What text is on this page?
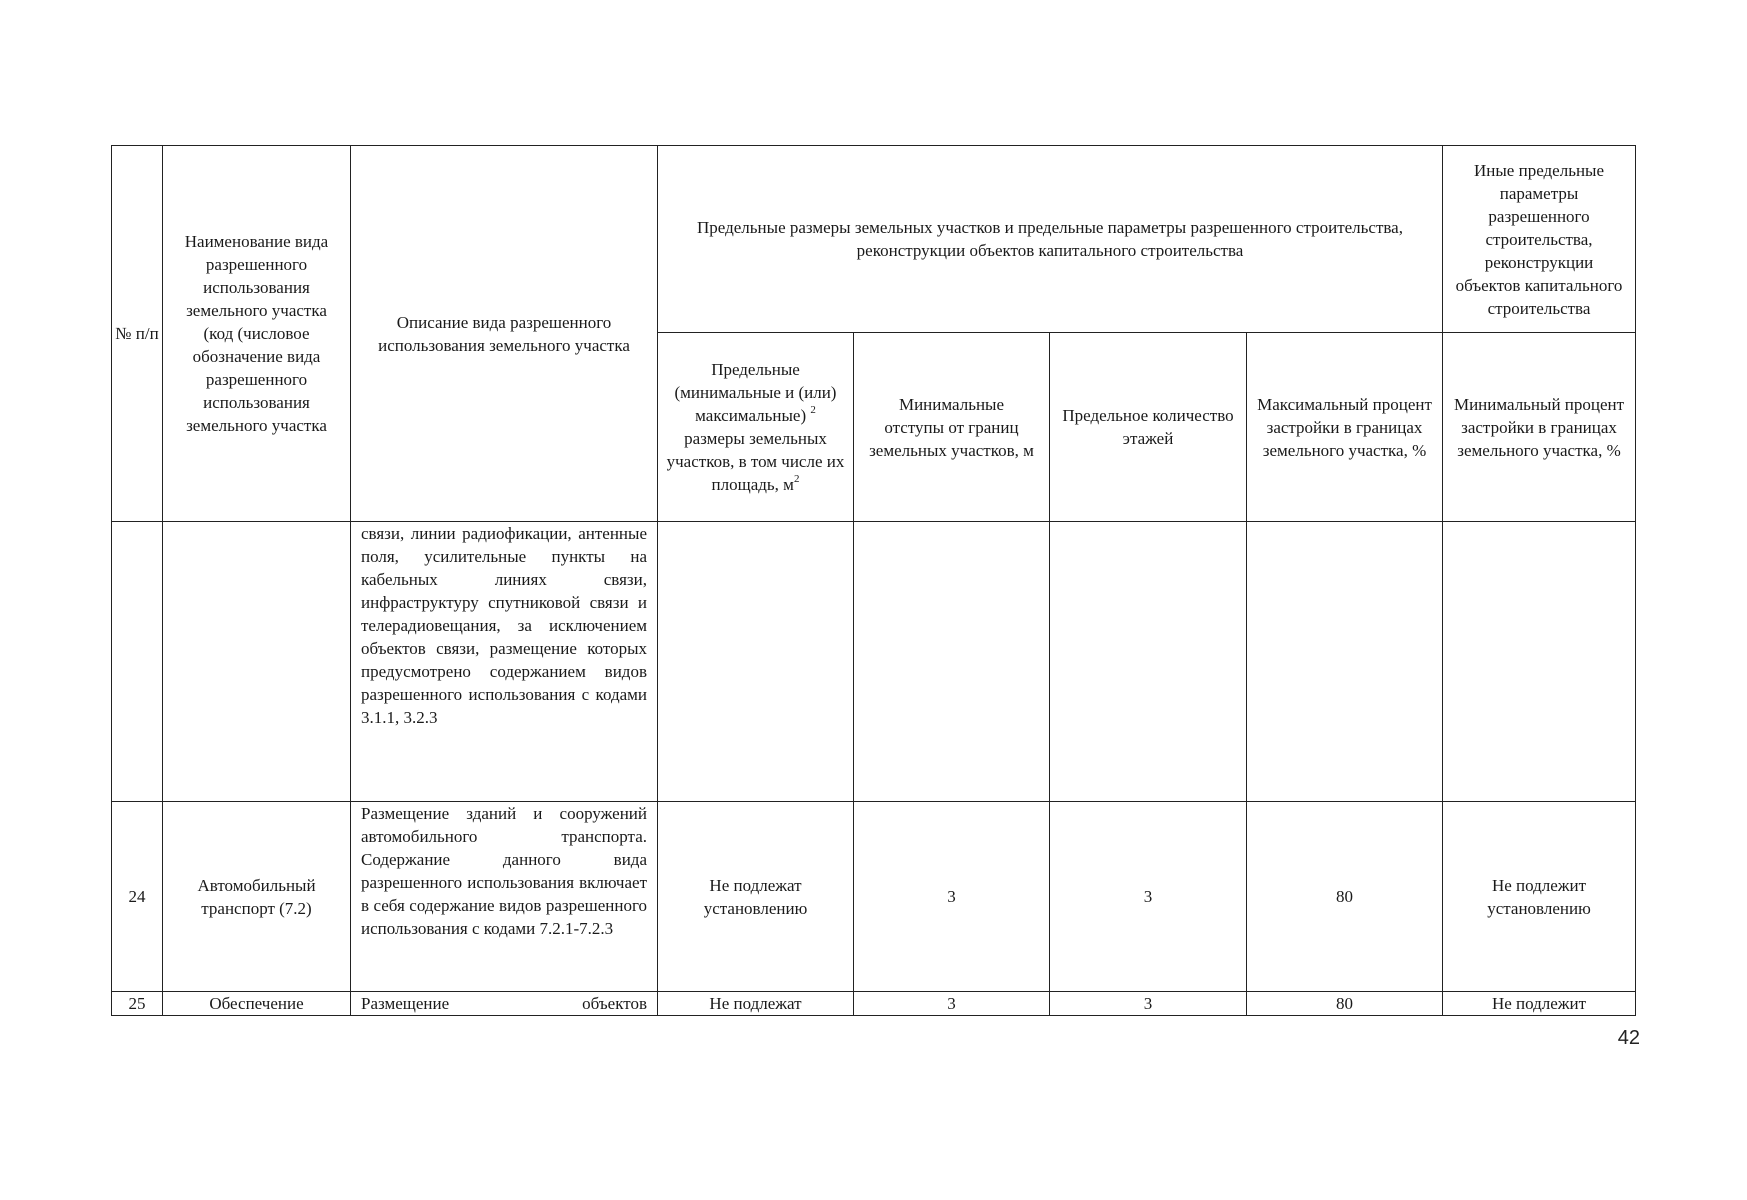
№ п/п	Наименование вида разрешенного использования земельного участка (код (числовое обозначение вида разрешенного использования земельного участка	Описание вида разрешенного использования земельного участка	Предельные размеры земельных участков и предельные параметры разрешенного строительства, реконструкции объектов капитального строительства				Иные предельные параметры разрешенного строительства, реконструкции объектов капитального строительства
			Предельные (минимальные и (или) максимальные) $^2$ размеры земельных участков, в том числе их площадь, $м^2$	Минимальные отступы от границ земельных участков, м	Предельное количество этажей	Максимальный процент застройки в границах земельного участка, %	Минимальный процент застройки в границах земельного участка, %
		связи, линии радиофикации, антенные поля, усилительные пункты на кабельных линиях связи, инфраструктуру спутниковой связи и телерадиовещания, за исключением объектов связи, размещение которых предусмотрено содержанием видов разрешенного использования с кодами 3.1.1, 3.2.3					
24	Автомобильный транспорт (7.2)	Размещение зданий и сооружений автомобильного транспорта. Содержание данного вида разрешенного использования включает в себя содержание видов разрешенного использования с кодами 7.2.1-7.2.3	Не подлежат установлению	3	3	80	Не подлежит установлению
25	Обеспечение	Размещение объектов	Не подлежат	3	3	80	Не подлежит
42
